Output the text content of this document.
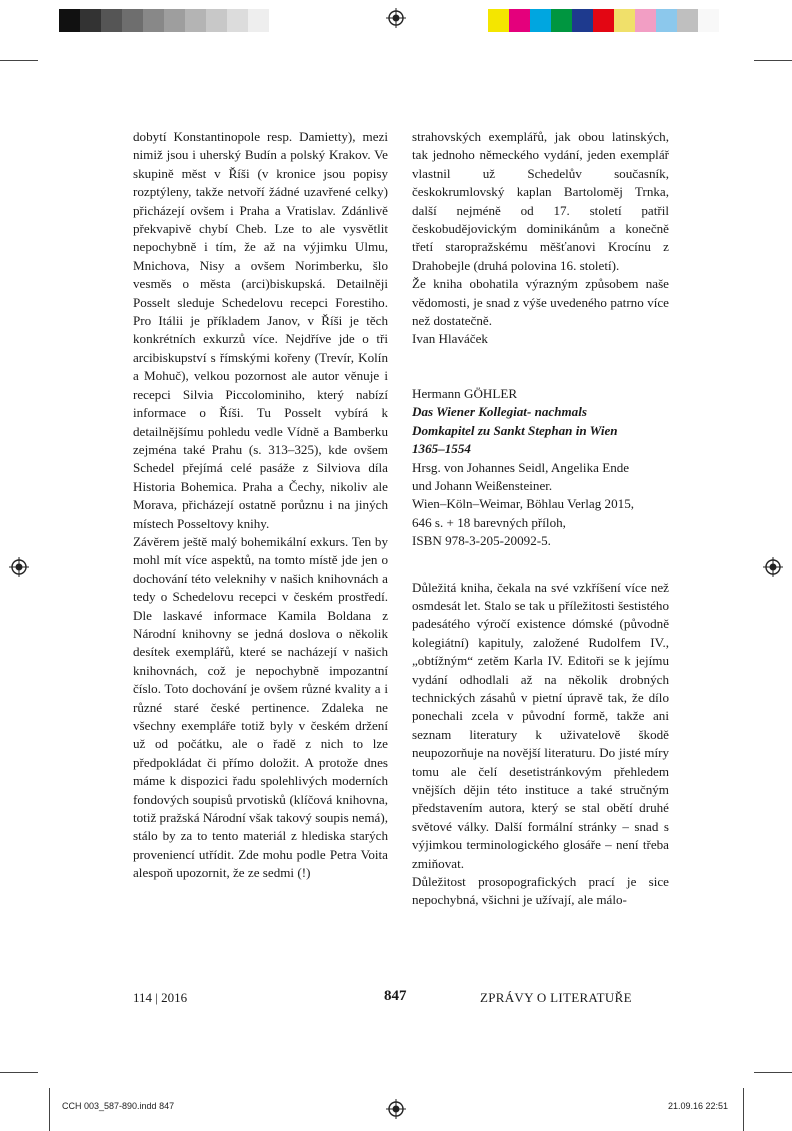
dobytí Konstantinopole resp. Damietty), mezi nimiž jsou i uherský Budín a polský Krakov. Ve skupině měst v Říši (v kronice jsou popisy rozptýleny, takže netvoří žádné uzavřené celky) přicházejí ovšem i Praha a Vratislav. Zdánlivě překvapivě chybí Cheb. Lze to ale vysvětlit nepochybně i tím, že až na výjimku Ulmu, Mnichova, Nisy a ovšem Norimberku, šlo vesměs o města (arci)biskupská. Detailněji Posselt sleduje Schedelovu recepci Forestiho. Pro Itálii je příkladem Janov, v Říši je těch konkrétních exkurzů více. Nejdříve jde o tři arcibiskupství s římskými kořeny (Trevír, Kolín a Mohuč), velkou pozornost ale autor věnuje i recepci Silvia Piccolominiho, který nabízí informace o Říši. Tu Posselt vybírá k detailnějšímu pohledu vedle Vídně a Bamberku zejména také Prahu (s. 313–325), kde ovšem Schedel přejímá celé pasáže z Silviova díla Historia Bohemica. Praha a Čechy, nikoliv ale Morava, přicházejí ostatně porůznu i na jiných místech Posseltovy knihy.

Závěrem ještě malý bohemikální exkurs. Ten by mohl mít více aspektů, na tomto místě jde jen o dochování této veleknihy v našich knihovnách a tedy o Schedelovu recepci v českém prostředí. Dle laskavé informace Kamila Boldana z Národní knihovny se jedná doslova o několik desítek exemplářů, které se nacházejí v našich knihovnách, což je nepochybně impozantní číslo. Toto dochování je ovšem různé kvality a i různé staré české pertinence. Zdaleka ne všechny exempláře totiž byly v českém držení už od počátku, ale o řadě z nich to lze předpokládat či přímo doložit. A protože dnes máme k dispozici řadu spolehlivých moderních fondových soupisů prvotisků (klíčová knihovna, totiž pražská Národní však takový soupis nemá), stálo by za to tento materiál z hlediska starých proveniencí utřídit. Zde mohu podle Petra Voita alespoň upozornit, že ze sedmi (!)

strahovských exemplářů, jak obou latinských, tak jednoho německého vydání, jeden exemplář vlastnil už Schedelův současník, českokrumlovský kaplan Bartoloměj Trnka, další nejméně od 17. století patřil českobudějovickým dominikánům a konečně třetí staropražskému měšťanovi Krocínu z Drahobejle (druhá polovina 16. století).

Že kniha obohatila výrazným způsobem naše vědomosti, je snad z výše uvedeného patrno více než dostatečně.

Ivan Hlaváček

Hermann GÖHLER
Das Wiener Kollegiat- nachmals
Domkapitel zu Sankt Stephan in Wien
1365–1554
Hrsg. von Johannes Seidl, Angelika Ende
und Johann Weißensteiner.
Wien–Köln–Weimar, Böhlau Verlag 2015,
646 s. + 18 barevných příloh,
ISBN 978-3-205-20092-5.

Důležitá kniha, čekala na své vzkříšení více než osmdesát let. Stalo se tak u příležitosti šestistého padesátého výročí existence dómské (původně kolegiátní) kapituly, založené Rudolfem IV., „obtížným“ zetěm Karla IV. Editoři se k jejímu vydání odhodlali až na několik drobných technických zásahů v pietní úpravě tak, že dílo ponechali zcela v původní formě, takže ani seznam literatury k uživatelově škodě neupozorňuje na novější literaturu. Do jisté míry tomu ale čelí desetistránkovým přehledem vnějších dějin této instituce a také stručným představením autora, který se stal obětí druhé světové války. Další formální stránky – snad s výjimkou terminologického glosáře – není třeba zmiňovat.

Důležitost prosopografických prací je sice nepochybná, všichni je užívají, ale málo-

114 | 2016	847	ZPRÁVY O LITERATUŘE
CCH 003_587-890.indd 847	21.09.16 22:51
